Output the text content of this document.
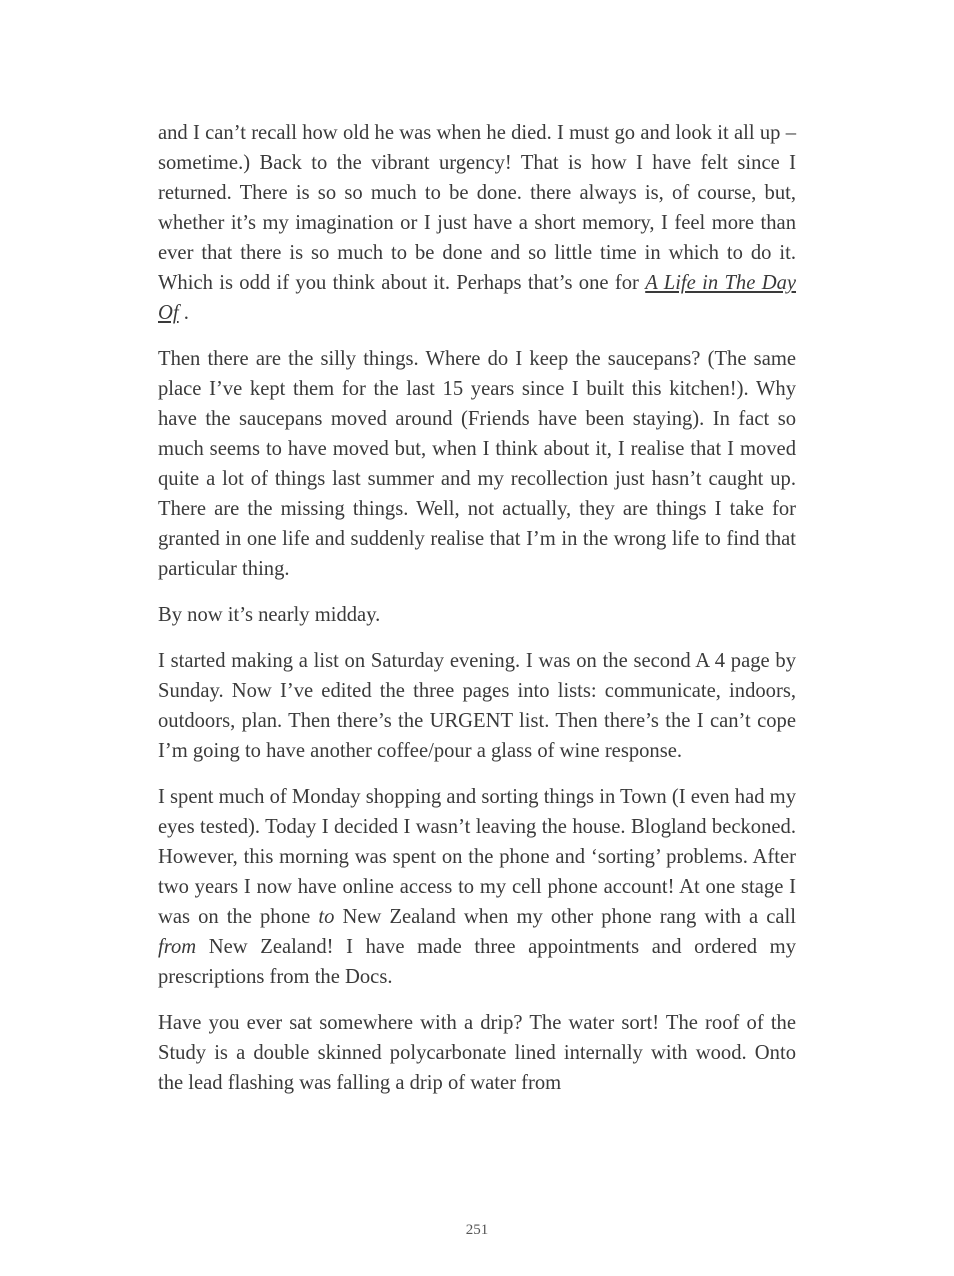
and I can’t recall how old he was when he died. I must go and look it all up – sometime.) Back to the vibrant urgency! That is how I have felt since I returned. There is so so much to be done. there always is, of course, but, whether it’s my imagination or I just have a short memory, I feel more than ever that there is so much to be done and so little time in which to do it. Which is odd if you think about it. Perhaps that’s one for A Life in The Day Of .

Then there are the silly things. Where do I keep the saucepans? (The same place I’ve kept them for the last 15 years since I built this kitchen!). Why have the saucepans moved around (Friends have been staying). In fact so much seems to have moved but, when I think about it, I realise that I moved quite a lot of things last summer and my recollection just hasn’t caught up. There are the missing things. Well, not actually, they are things I take for granted in one life and suddenly realise that I’m in the wrong life to find that particular thing.

By now it’s nearly midday.

I started making a list on Saturday evening. I was on the second A 4 page by Sunday. Now I’ve edited the three pages into lists: communicate, indoors, outdoors, plan. Then there’s the URGENT list. Then there’s the I can’t cope I’m going to have another coffee/pour a glass of wine response.

I spent much of Monday shopping and sorting things in Town (I even had my eyes tested). Today I decided I wasn’t leaving the house. Blogland beckoned. However, this morning was spent on the phone and ‘sorting’ problems. After two years I now have online access to my cell phone account! At one stage I was on the phone to New Zealand when my other phone rang with a call from New Zealand! I have made three appointments and ordered my prescriptions from the Docs.

Have you ever sat somewhere with a drip? The water sort! The roof of the Study is a double skinned polycarbonate lined internally with wood. Onto the lead flashing was falling a drip of water from

251
